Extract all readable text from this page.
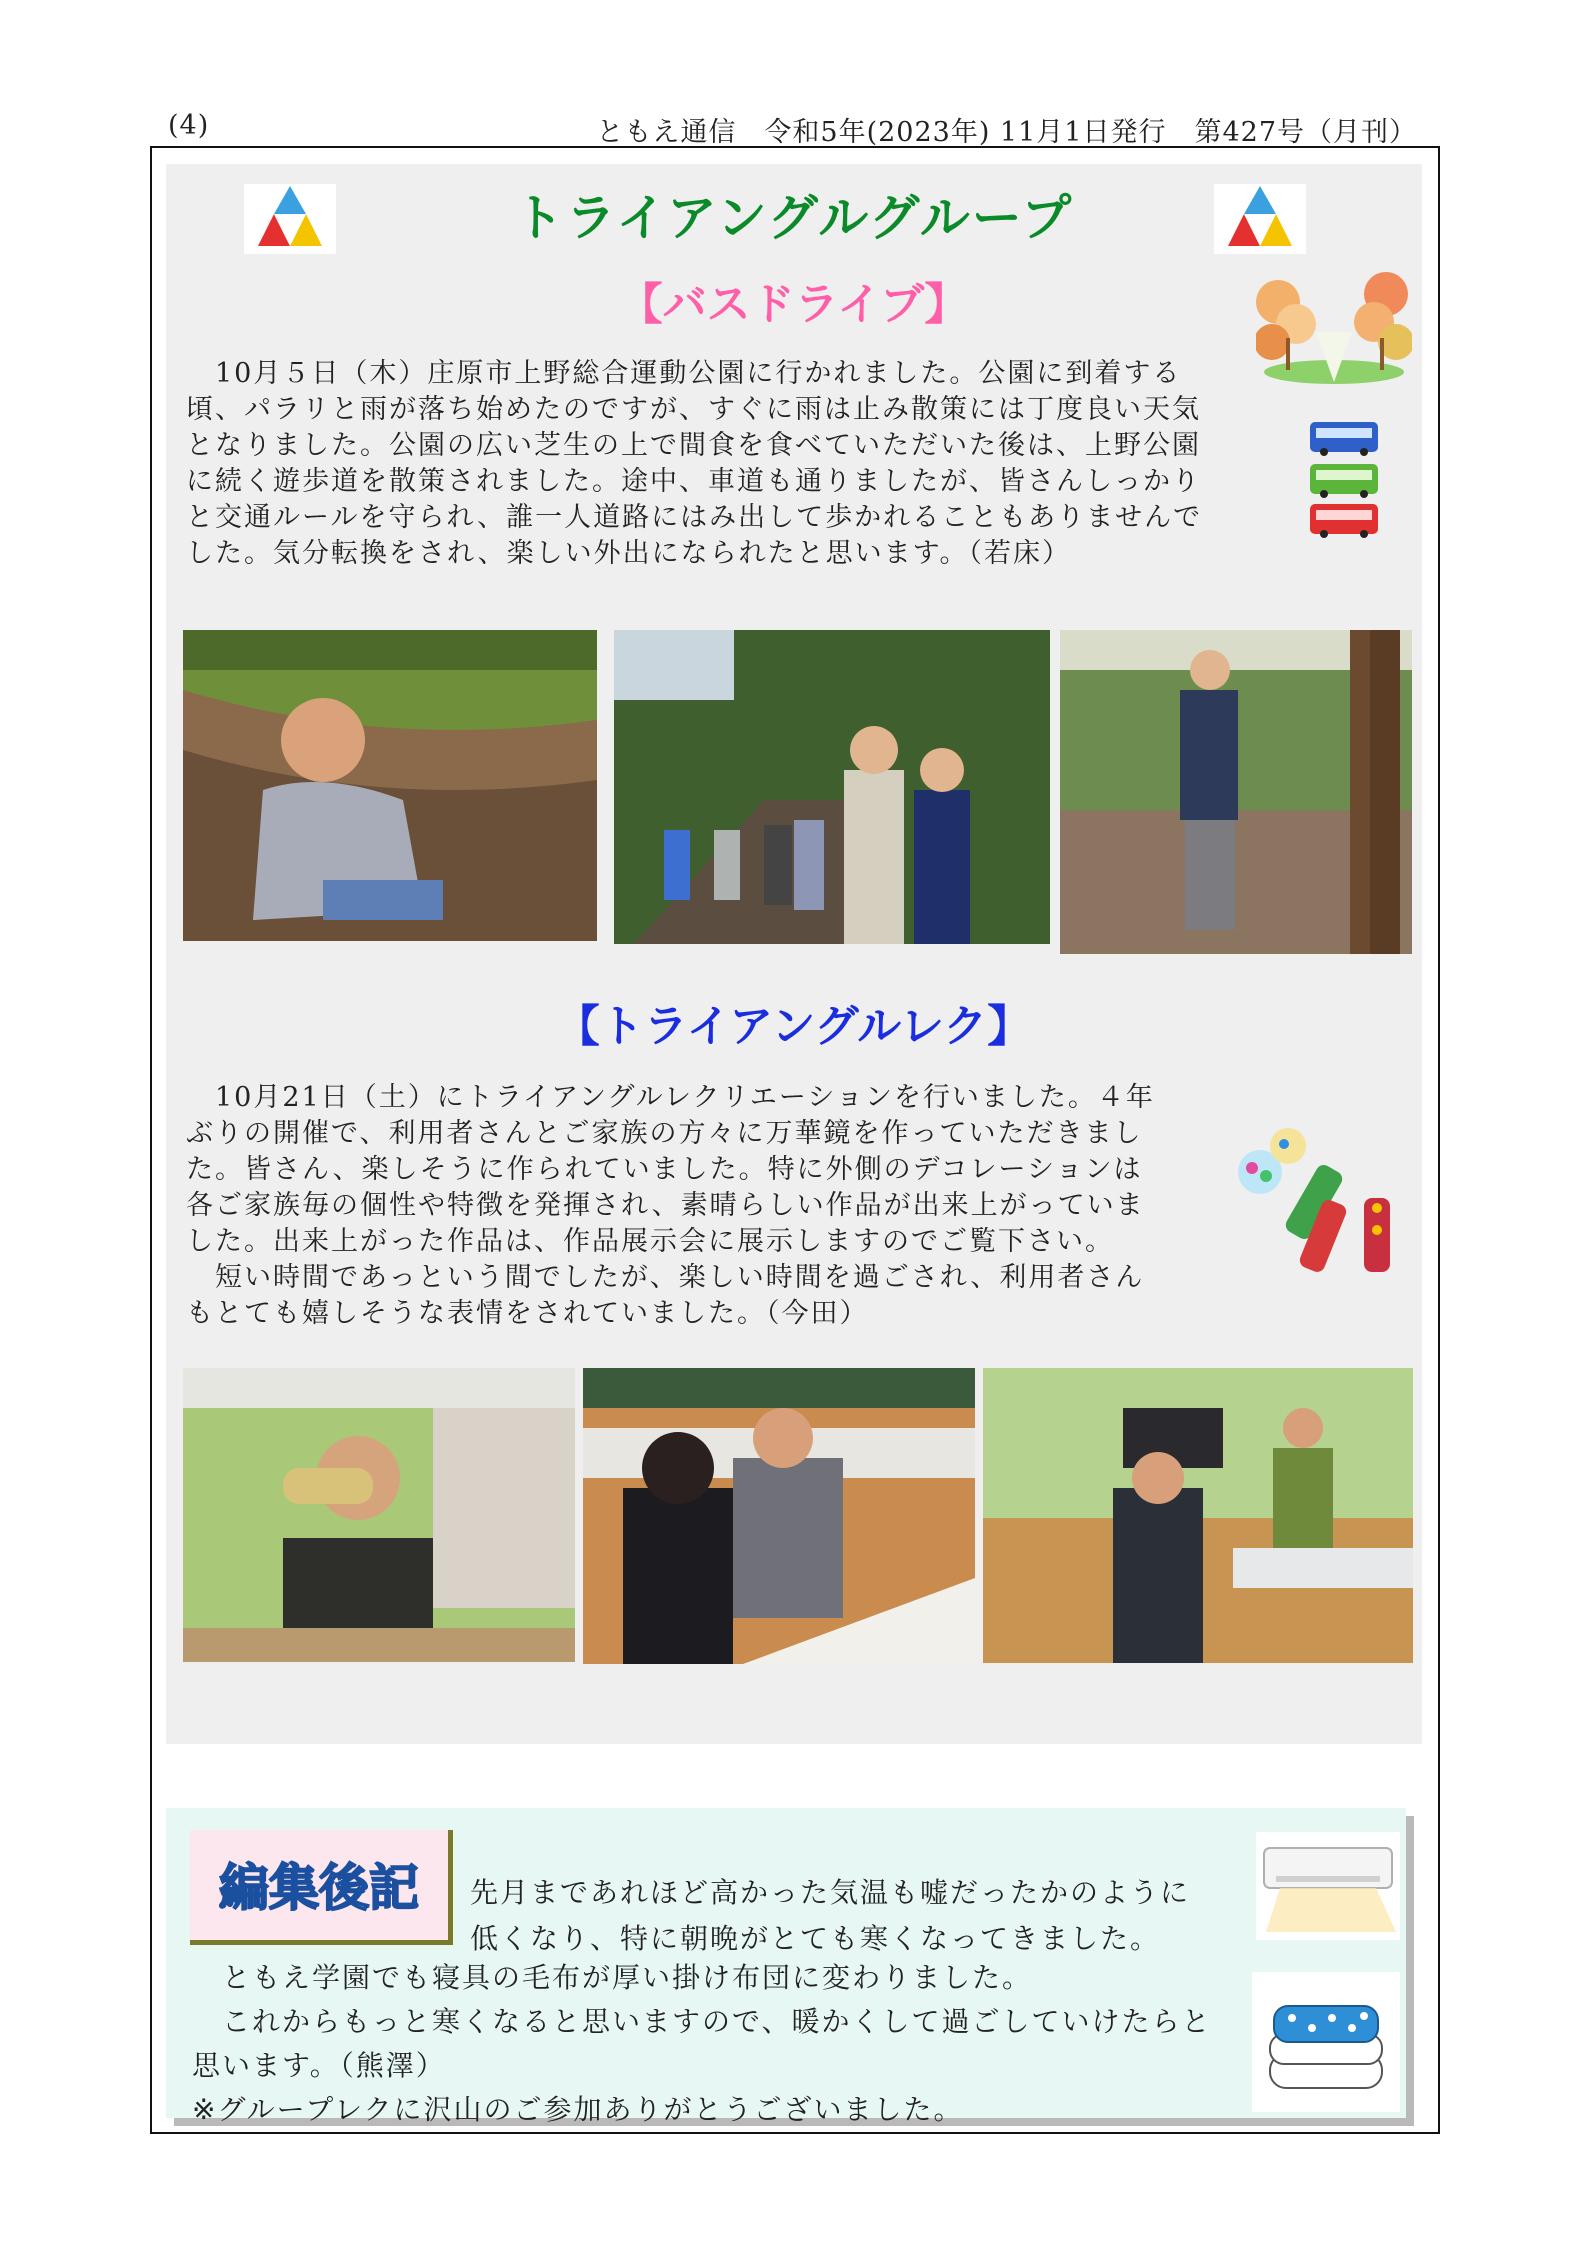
(4)	ともえ通信　令和5年(2023年) 11月1日発行　第427号（月刊）
トライアングルグループ
【バスドライブ】
　10月５日（木）庄原市上野総合運動公園に行かれました。公園に到着する
頃、パラリと雨が落ち始めたのですが、すぐに雨は止み散策には丁度良い天気
となりました。公園の広い芝生の上で間食を食べていただいた後は、上野公園
に続く遊歩道を散策されました。途中、車道も通りましたが、皆さんしっかり
と交通ルールを守られ、誰一人道路にはみ出して歩かれることもありませんで
した。気分転換をされ、楽しい外出になられたと思います。（若床）
【トライアングルレク】
　10月21日（土）にトライアングルレクリエーションを行いました。４年
ぶりの開催で、利用者さんとご家族の方々に万華鏡を作っていただきまし
た。皆さん、楽しそうに作られていました。特に外側のデコレーションは
各ご家族毎の個性や特徴を発揮され、素晴らしい作品が出来上がっていま
した。出来上がった作品は、作品展示会に展示しますのでご覧下さい。
　短い時間であっという間でしたが、楽しい時間を過ごされ、利用者さん
もとても嬉しそうな表情をされていました。（今田）
編集後記	先月まであれほど高かった気温も嘘だったかのように
低くなり、特に朝晩がとても寒くなってきました。
　ともえ学園でも寝具の毛布が厚い掛け布団に変わりました。
　これからもっと寒くなると思いますので、暖かくして過ごしていけたらと
思います。（熊澤）
※グループレクに沢山のご参加ありがとうございました。
